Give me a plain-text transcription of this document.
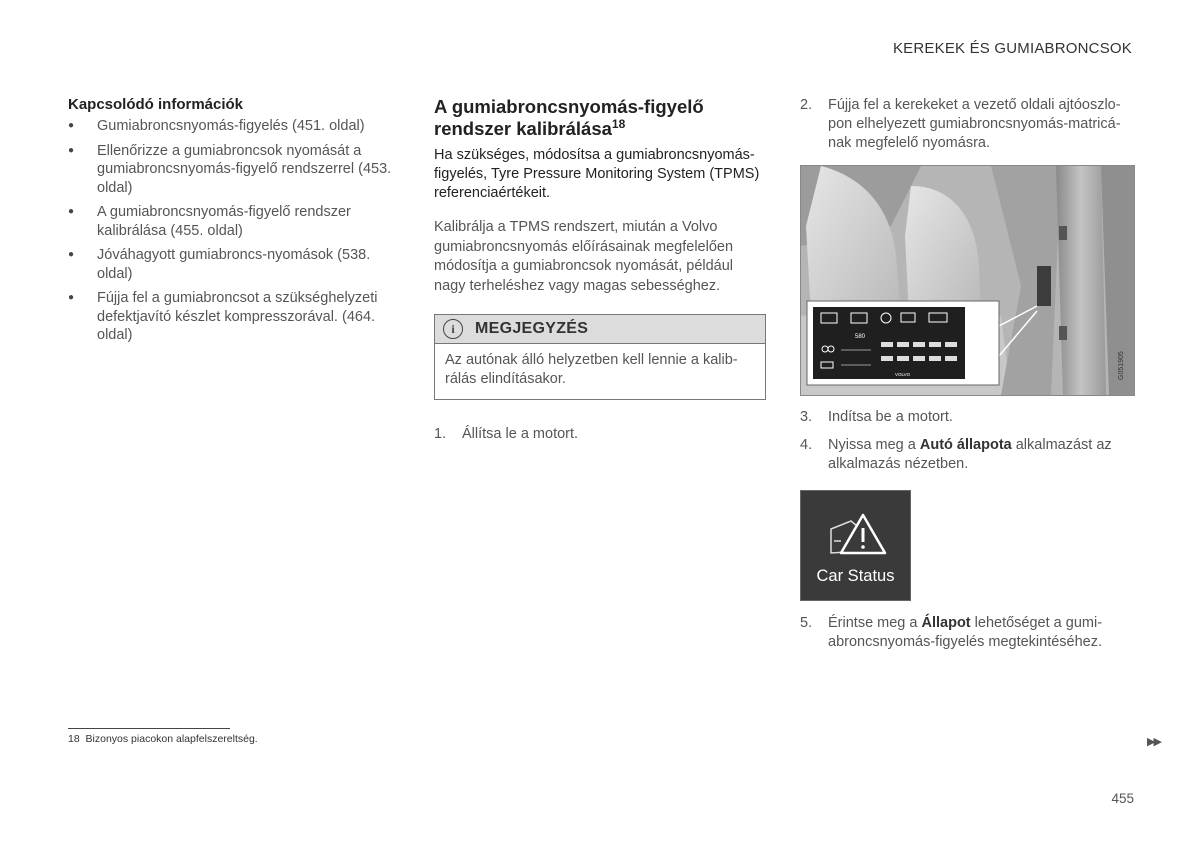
KEREKEK ÉS GUMIABRONCSOK
Kapcsolódó információk
● Gumiabroncsnyomás-figyelés (451. oldal)
● Ellenőrizze a gumiabroncsok nyomását a gumiabroncsnyomás-figyelő rendszerrel (453. oldal)
● A gumiabroncsnyomás-figyelő rendszer kalibrálása (455. oldal)
● Jóváhagyott gumiabroncs-nyomások (538. oldal)
● Fújja fel a gumiabroncsot a szükséghelyzeti defektjavító készlet kompresszorával. (464. oldal)
A gumiabroncsnyomás-figyelő rendszer kalibrálása$^{18}$

Ha szükséges, módosítsa a gumiabroncsnyomás-figyelés, Tyre Pressure Monitoring System (TPMS) referenciaértékeit.

Kalibrálja a TPMS rendszert, miután a Volvo gumiabroncsnyomás előírásainak megfelelően módosítja a gumiabroncsok nyomását, például nagy terheléshez vagy magas sebességhez.

i	MEGJEGYZÉS
Az autónak álló helyzetben kell lennie a kalibrálás elindításakor.
1. Állítsa le a motort.
2. Fújja fel a kerekeket a vezető oldali ajtóoszlopon elhelyezett gumiabroncsnyomás-matricának megfelelő nyomásra.
580
VOLVO	G051905
3. Indítsa be a motort.
4. Nyissa meg a Autó állapota alkalmazást az alkalmazás nézetben.
Car Status
5. Érintse meg a Állapot lehetőséget a gumiabroncsnyomás-figyelés megtekintéséhez.
18 Bizonyos piacokon alapfelszereltség.	▶▶
455
